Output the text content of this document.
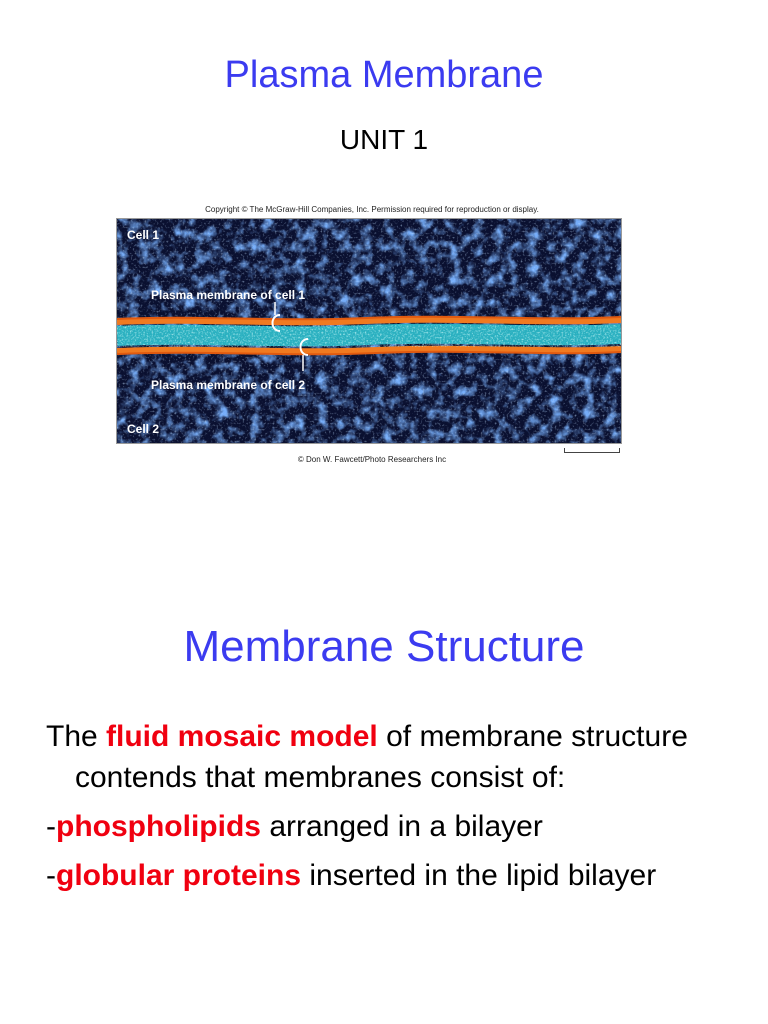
Plasma Membrane
UNIT 1
Copyright © The McGraw-Hill Companies, Inc. Permission required for reproduction or display.
Cell 1
Plasma membrane of cell 1
Plasma membrane of cell 2
Cell 2
© Don W. Fawcett/Photo Researchers Inc
Membrane Structure

The fluid mosaic model of membrane structure contends that membranes consist of:

-phospholipids arranged in a bilayer

-globular proteins inserted in the lipid bilayer
